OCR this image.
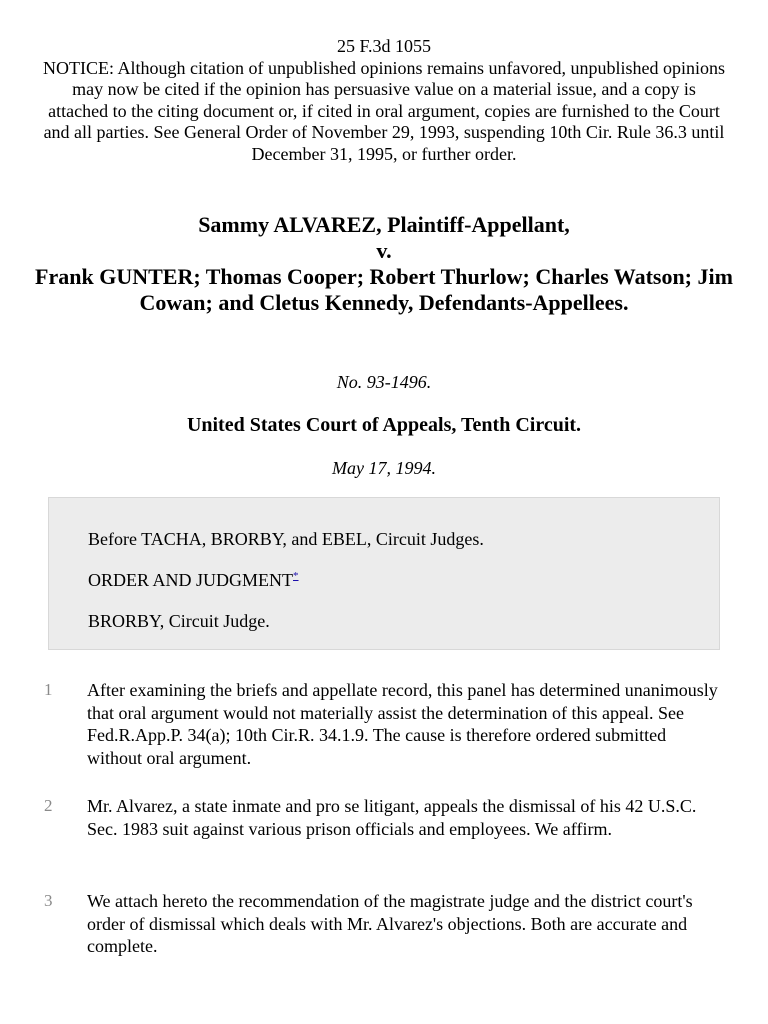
25 F.3d 1055
NOTICE: Although citation of unpublished opinions remains unfavored, unpublished opinions may now be cited if the opinion has persuasive value on a material issue, and a copy is attached to the citing document or, if cited in oral argument, copies are furnished to the Court and all parties. See General Order of November 29, 1993, suspending 10th Cir. Rule 36.3 until December 31, 1995, or further order.
Sammy ALVAREZ, Plaintiff-Appellant,
v.
Frank GUNTER; Thomas Cooper; Robert Thurlow; Charles Watson; Jim Cowan; and Cletus Kennedy, Defendants-Appellees.
No. 93-1496.
United States Court of Appeals, Tenth Circuit.
May 17, 1994.
Before TACHA, BRORBY, and EBEL, Circuit Judges.
ORDER AND JUDGMENT*
BRORBY, Circuit Judge.
1 After examining the briefs and appellate record, this panel has determined unanimously that oral argument would not materially assist the determination of this appeal. See Fed.R.App.P. 34(a); 10th Cir.R. 34.1.9. The cause is therefore ordered submitted without oral argument.
2 Mr. Alvarez, a state inmate and pro se litigant, appeals the dismissal of his 42 U.S.C. Sec. 1983 suit against various prison officials and employees. We affirm.
3 We attach hereto the recommendation of the magistrate judge and the district court's order of dismissal which deals with Mr. Alvarez's objections. Both are accurate and complete.
